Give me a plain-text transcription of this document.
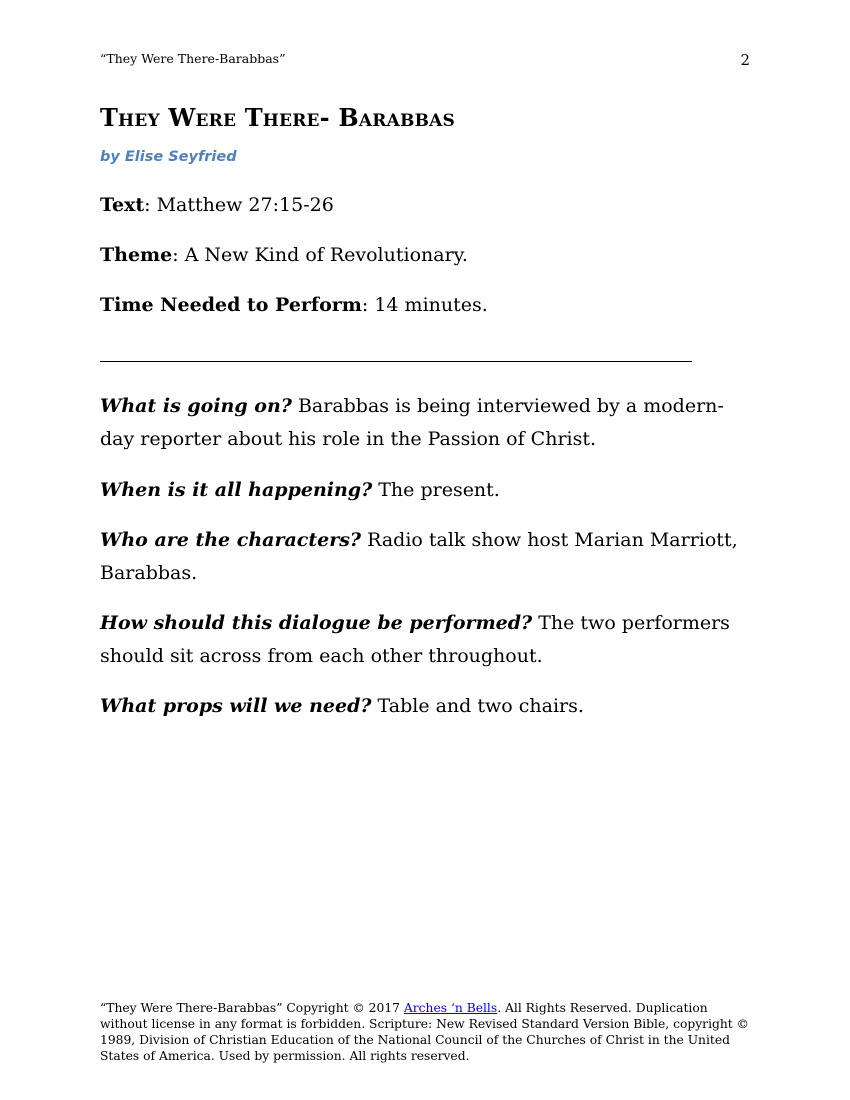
“They Were There-Barabbas”	2
They Were There- Barabbas
by Elise Seyfried
Text: Matthew 27:15-26
Theme: A New Kind of Revolutionary.
Time Needed to Perform: 14 minutes.
What is going on? Barabbas is being interviewed by a modern-day reporter about his role in the Passion of Christ.
When is it all happening? The present.
Who are the characters? Radio talk show host Marian Marriott, Barabbas.
How should this dialogue be performed? The two performers should sit across from each other throughout.
What props will we need? Table and two chairs.
“They Were There-Barabbas” Copyright © 2017 Arches ‘n Bells. All Rights Reserved. Duplication without license in any format is forbidden. Scripture: New Revised Standard Version Bible, copyright © 1989, Division of Christian Education of the National Council of the Churches of Christ in the United States of America. Used by permission. All rights reserved.
